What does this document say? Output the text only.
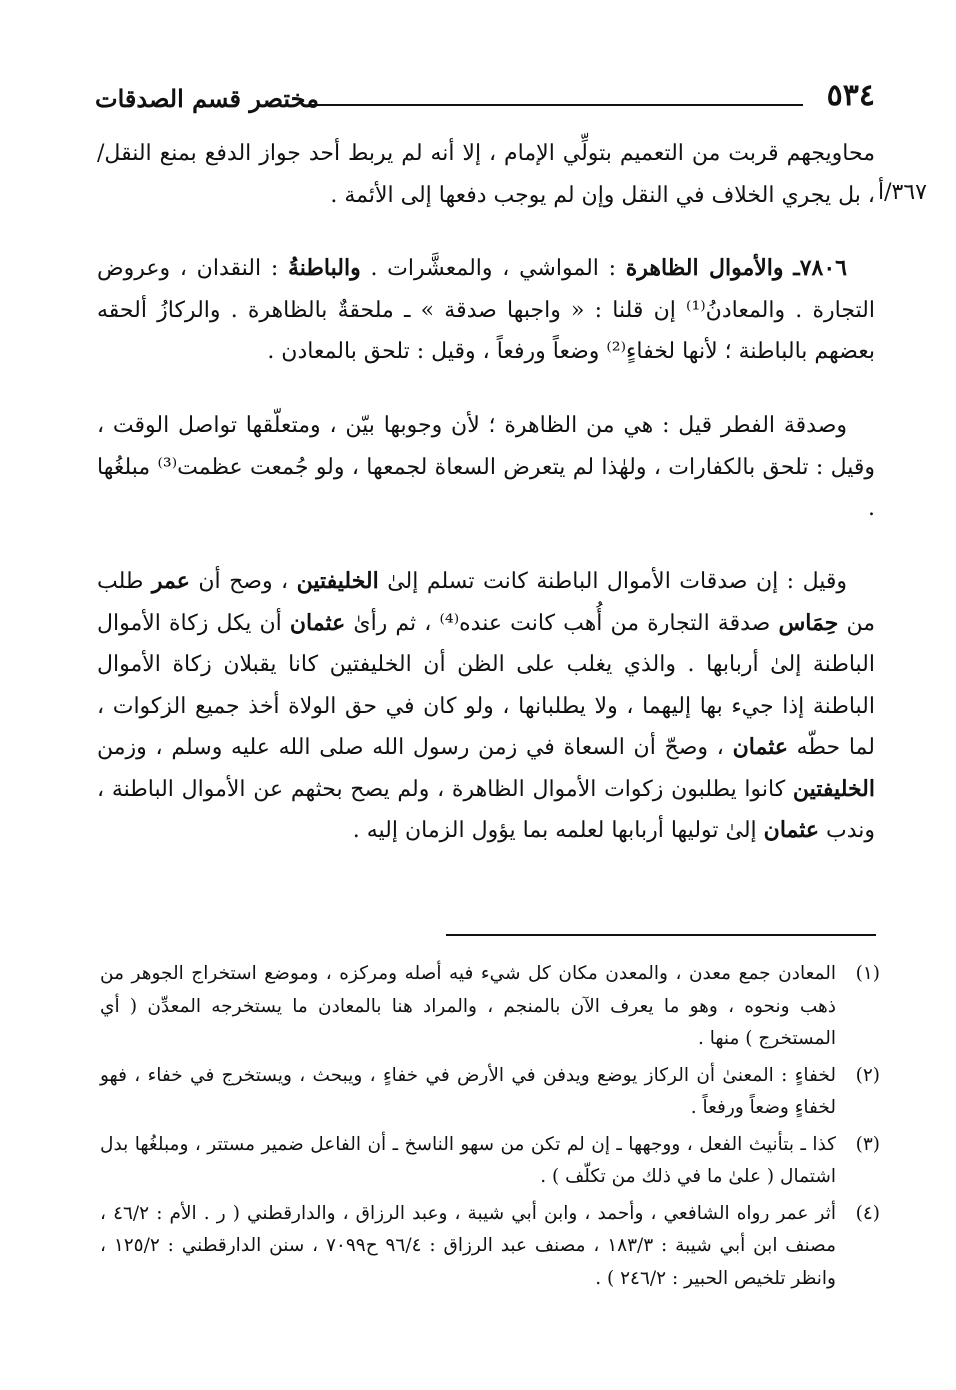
٥٣٤
مختصر قسم الصدقات
٣٦٧/أ

محاويجهم قربت من التعميم بتولِّي الإمام ، إلا أنه لم يربط أحد جواز الدفع بمنع النقل/ ، بل يجري الخلاف في النقل وإن لم يوجب دفعها إلى الأئمة .

٧٨٠٦ـ والأموال الظاهرة : المواشي ، والمعشَّرات . والباطنةُ : النقدان ، وعروض التجارة . والمعادنُ⁽¹⁾ إن قلنا : « واجبها صدقة » ـ ملحقةٌ بالظاهرة . والركازُ ألحقه بعضهم بالباطنة ؛ لأنها لخفاءٍ⁽²⁾ وضعاً ورفعاً ، وقيل : تلحق بالمعادن .

وصدقة الفطر قيل : هي من الظاهرة ؛ لأن وجوبها بيّن ، ومتعلّقها تواصل الوقت ، وقيل : تلحق بالكفارات ، ولهٰذا لم يتعرض السعاة لجمعها ، ولو جُمعت عظمت⁽³⁾ مبلغُها .

وقيل : إن صدقات الأموال الباطنة كانت تسلم إلىٰ الخليفتين ، وصح أن عمر طلب من حِمَاس صدقة التجارة من أُهب كانت عنده⁽⁴⁾ ، ثم رأىٰ عثمان أن يكل زكاة الأموال الباطنة إلىٰ أربابها . والذي يغلب على الظن أن الخليفتين كانا يقبلان زكاة الأموال الباطنة إذا جيء بها إليهما ، ولا يطلبانها ، ولو كان في حق الولاة أخذ جميع الزكوات ، لما حطّه عثمان ، وصحّ أن السعاة في زمن رسول الله صلى الله عليه وسلم ، وزمن الخليفتين كانوا يطلبون زكوات الأموال الظاهرة ، ولم يصح بحثهم عن الأموال الباطنة ، وندب عثمان إلىٰ توليها أربابها لعلمه بما يؤول الزمان إليه .

(١)
المعادن جمع معدن ، والمعدن مكان كل شيء فيه أصله ومركزه ، وموضع استخراج الجوهر من ذهب ونحوه ، وهو ما يعرف الآن بالمنجم ، والمراد هنا بالمعادن ما يستخرجه المعدِّن ( أي المستخرج ) منها .
(٢)
لخفاءٍ : المعنىٰ أن الركاز يوضع ويدفن في الأرض في خفاءٍ ، ويبحث ، ويستخرج في خفاء ، فهو لخفاءٍ وضعاً ورفعاً .
(٣)
كذا ـ بتأنيث الفعل ، ووجهها ـ إن لم تكن من سهو الناسخ ـ أن الفاعل ضمير مستتر ، ومبلغُها بدل اشتمال ( علىٰ ما في ذلك من تكلّف ) .
(٤)
أثر عمر رواه الشافعي ، وأحمد ، وابن أبي شيبة ، وعبد الرزاق ، والدارقطني ( ر . الأم : ٤٦/٢ ، مصنف ابن أبي شيبة : ١٨٣/٣ ، مصنف عبد الرزاق : ٩٦/٤ ح٧٠٩٩ ، سنن الدارقطني : ١٢٥/٢ ، وانظر تلخيص الحبير : ٢٤٦/٢ ) .
